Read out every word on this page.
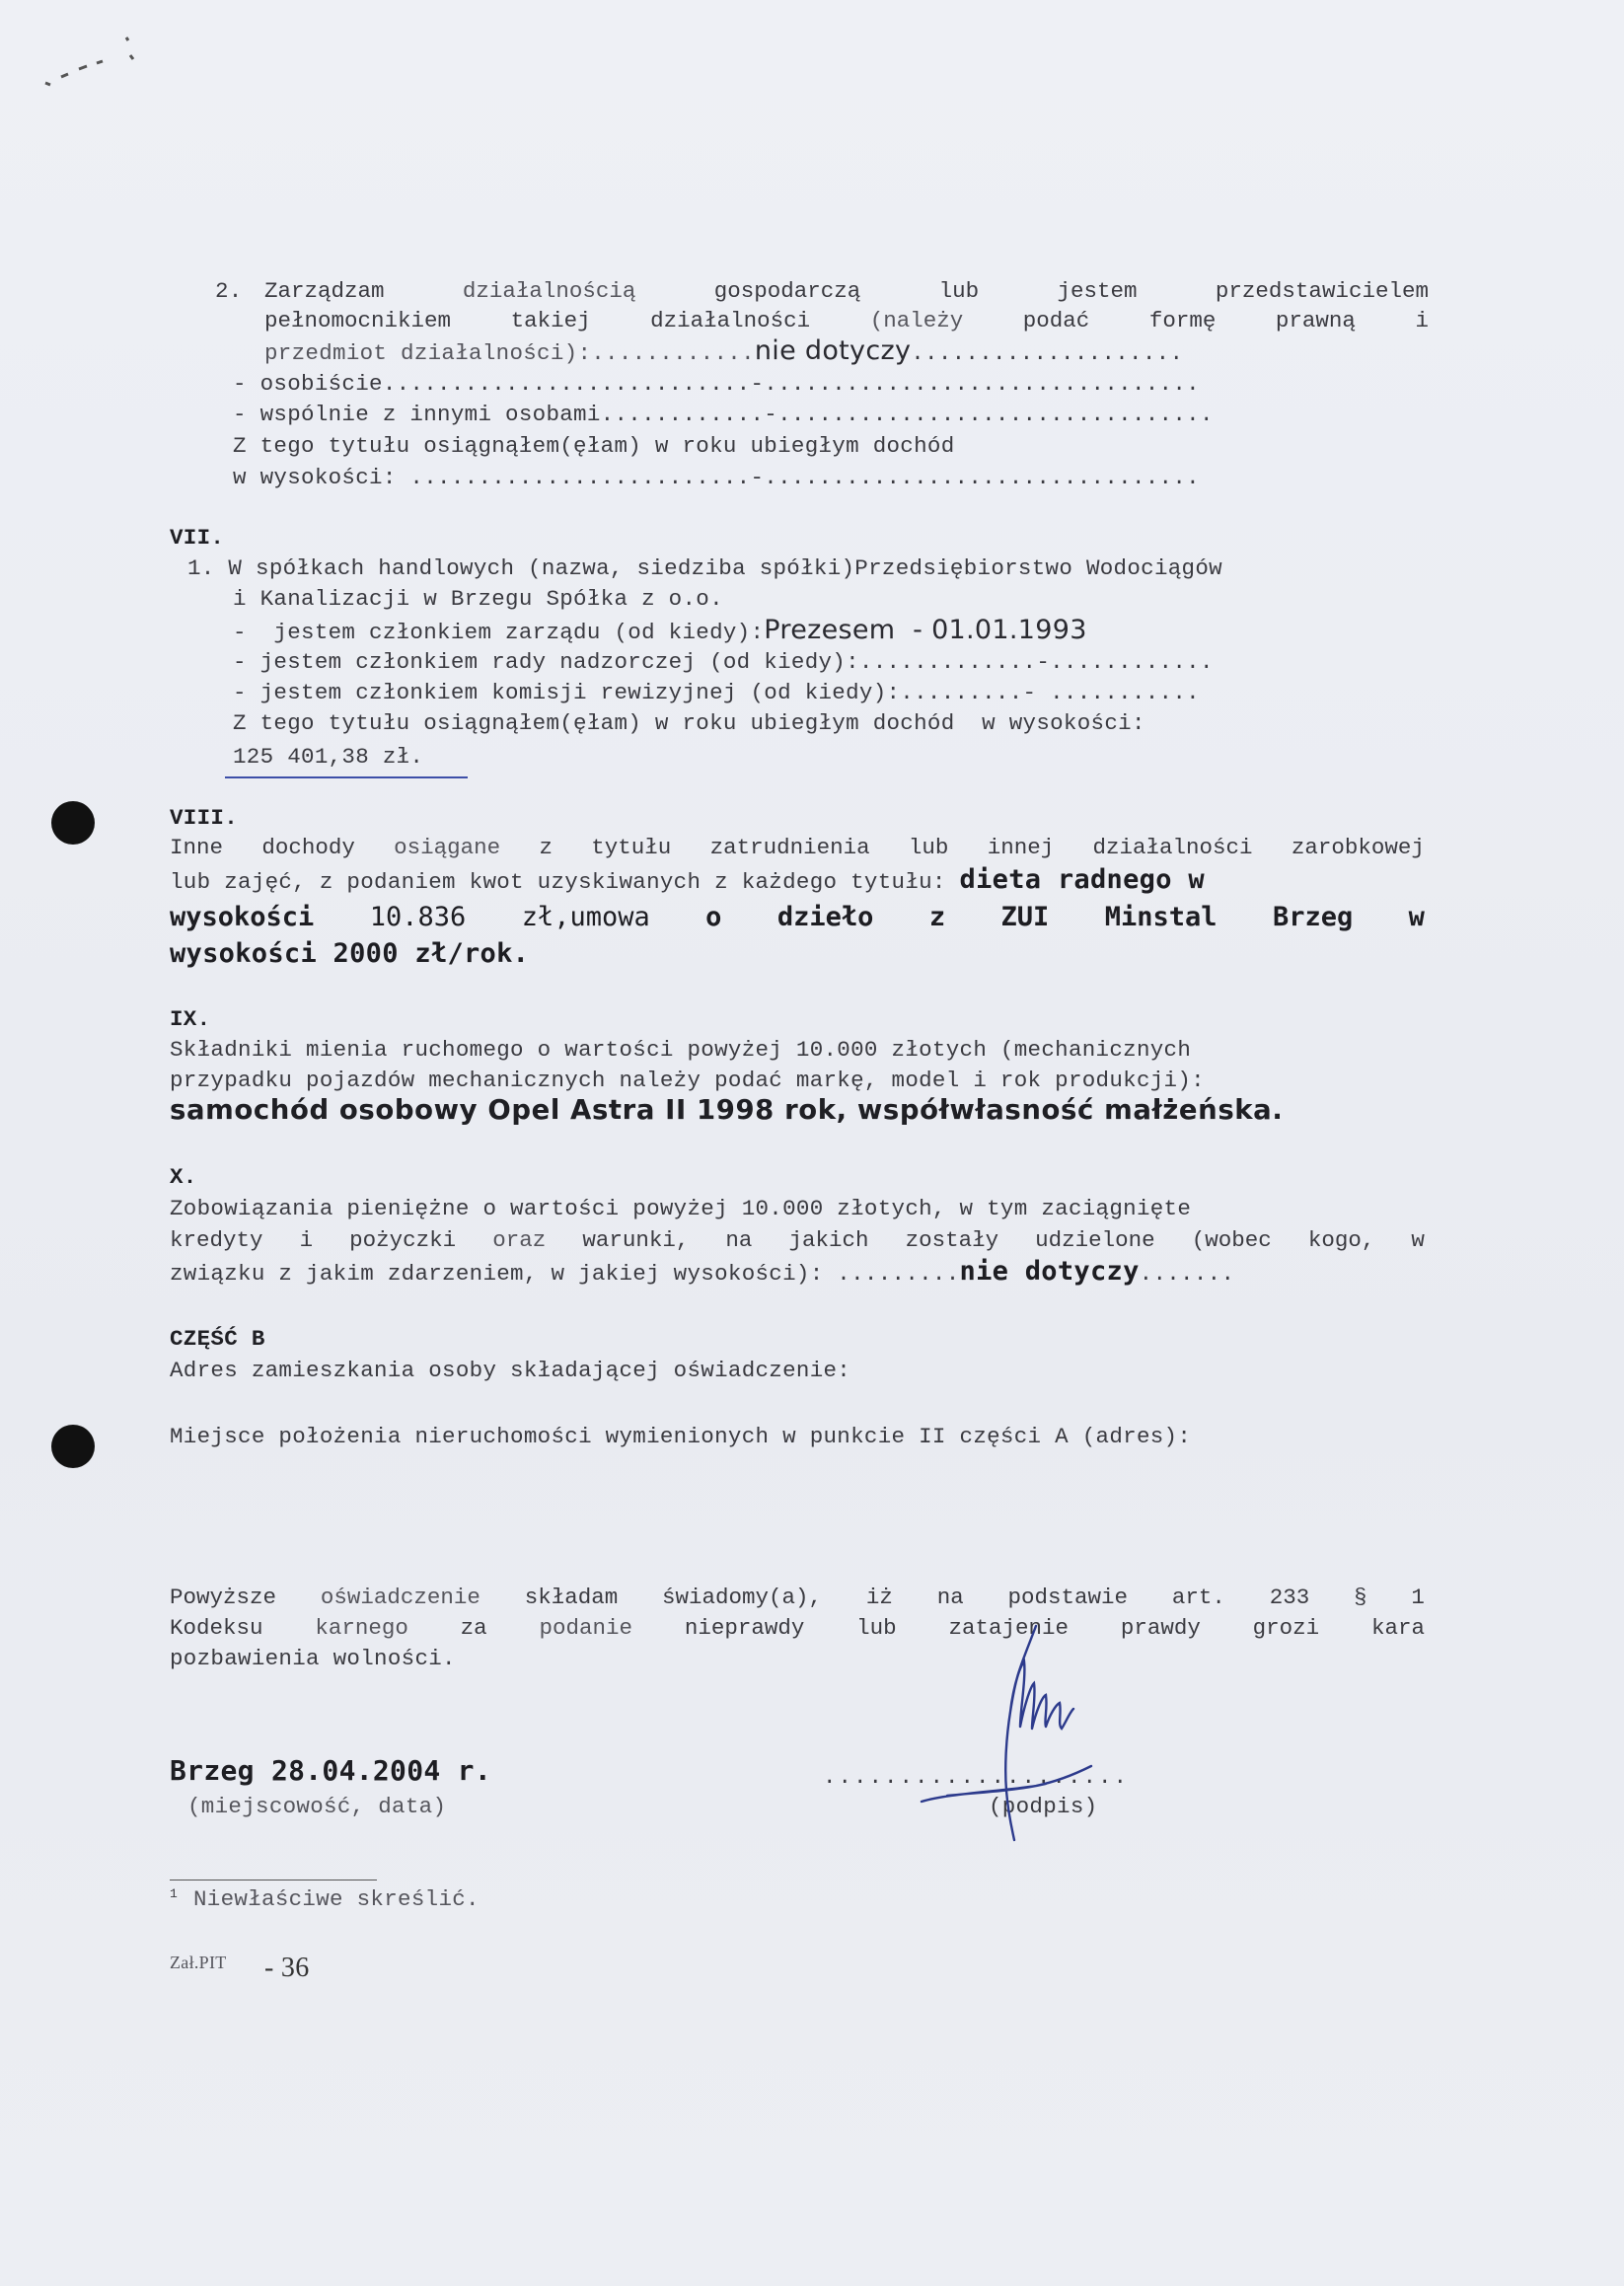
2. Zarządzam	działalnością	gospodarczą	lub	jestem	przedstawicielem
pełnomocnikiem	takiej	działalności	(należy	podać	formę	prawną	i
przedmiot działalności):............nie dotyczy....................
- osobiście...........................-................................
- wspólnie z innymi osobami............-................................
Z tego tytułu osiągnąłem(ęłam) w roku ubiegłym dochód
w wysokości: .........................-................................
VII.
1. W spółkach handlowych (nazwa, siedziba spółki)Przedsiębiorstwo Wodociągów
i Kanalizacji w Brzegu Spółka z o.o.
-  jestem członkiem zarządu (od kiedy):Prezesem  - 01.01.1993
- jestem członkiem rady nadzorczej (od kiedy):.............-............
- jestem członkiem komisji rewizyjnej (od kiedy):.........- ...........
Z tego tytułu osiągnąłem(ęłam) w roku ubiegłym dochód  w wysokości:
125 401,38 zł.
VIII.
Inne dochody osiągane z tytułu zatrudnienia lub innej działalności zarobkowej
lub zajęć, z podaniem kwot uzyskiwanych z każdego tytułu: dieta radnego w
wysokości 10.836 zł,umowa o dzieło z ZUI Minstal Brzeg w
wysokości 2000 zł/rok.
IX.
Składniki mienia ruchomego o wartości powyżej 10.000 złotych (mechanicznych
przypadku pojazdów mechanicznych należy podać markę, model i rok produkcji):
samochód osobowy Opel Astra II 1998 rok, współwłasność małżeńska.
X.
Zobowiązania pieniężne o wartości powyżej 10.000 złotych, w tym zaciągnięte
kredyty i pożyczki oraz warunki, na jakich zostały udzielone (wobec kogo, w
związku z jakim zdarzeniem, w jakiej wysokości): .........nie dotyczy.......
CZĘŚĆ B
Adres zamieszkania osoby składającej oświadczenie:
Miejsce położenia nieruchomości wymienionych w punkcie II części A (adres):
Powyższe oświadczenie składam świadomy(a), iż na podstawie art. 233 § 1
Kodeksu karnego za podanie nieprawdy lub zatajenie prawdy grozi kara
pozbawienia wolności.
Brzeg 28.04.2004 r.
(miejscowość, data)
....................
(podpis)
1 Niewłaściwe skreślić.
Zał.PIT - 36
